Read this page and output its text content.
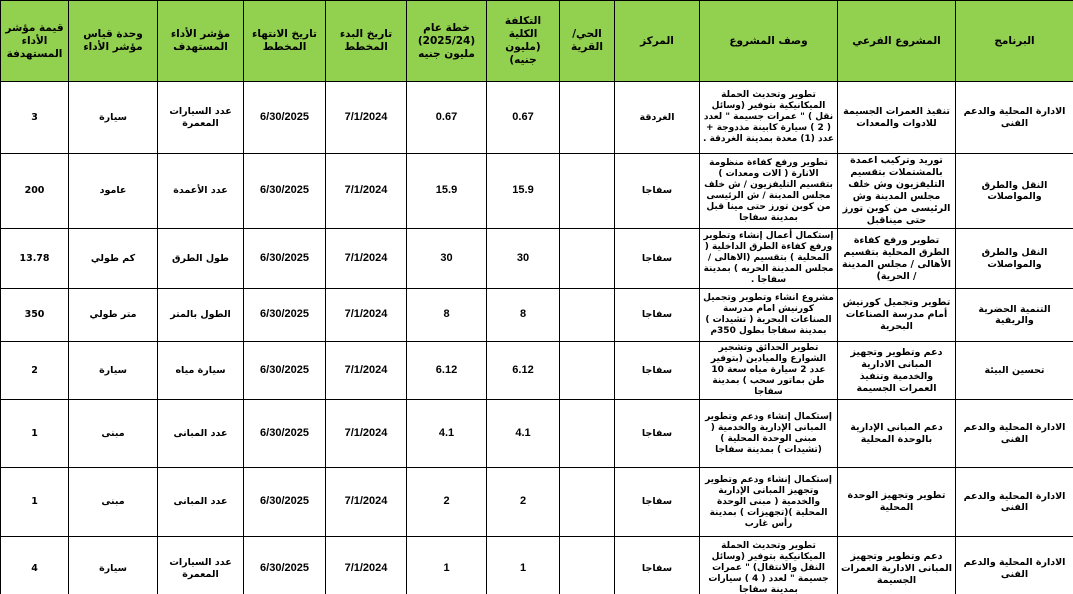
البرنامج	المشروع الفرعي	وصف المشروع	المركز	الحي/ القرية	التكلفة الكلية (مليون جنيه)	خطة عام (2025/24) مليون جنيه	تاريخ البدء المخطط	تاريخ الانتهاء المخطط	مؤشر الأداء المستهدف	وحدة قياس مؤشر الأداء	قيمة مؤشر الأداء المستهدفة
الادارة المحلية والدعم الفنى	تنفيذ العمرات الجسيمة للادوات والمعدات	تطوير وتحديث الحملة الميكانيكية بتوفير (وسائل نقل ) " عمرات جسيمة " لعدد ( 2 ) سيارة كابينة مذدوجة + عدد (1) معدة بمدينة الغردقة .	الغردقة		0.67	0.67	7/1/2024	6/30/2025	عدد السيارات المعمرة	سيارة	3
النقل والطرق والمواصلات	توريد وتركيب اعمدة بالمشتملات بتقسيم التليفزيون وش خلف مجلس المدينة وش الرئيسى من كوبن تورز حتى ميناقبل	تطوير ورفع كفاءة منظومة الانارة ( الات ومعدات ) بتقسيم التليفزيون / ش خلف مجلس المدينة / ش الرئيسى من كوبن تورز حتى مينا قبل بمدينة سفاجا	سفاجا		15.9	15.9	7/1/2024	6/30/2025	عدد الأعمدة	عامود	200
النقل والطرق والمواصلات	تطوير ورفع كفاءة الطرق المحلية بتقسيم الأهالى / مجلس المدينة / الحرية)	إستكمال أعمال إنشاء وتطوير ورفع كفاءة الطرق الداخلية ( المحلية ) بتقسيم (الاهالى / مجلس المدينة الحريه ) بمدينة سفاجا .	سفاجا		30	30	7/1/2024	6/30/2025	طول الطرق	كم طولي	13.78
التنمية الحضرية والريفية	تطوير وتجميل كورنيش أمام مدرسة الصناعات البحرية	مشروع انشاء وتطوير وتجميل كورنيش امام مدرسة الصناعات البحرية ( تشيدات ) بمدينة سفاجا بطول 350م	سفاجا		8	8	7/1/2024	6/30/2025	الطول بالمتر	متر طولي	350
تحسين البيئة	دعم وتطوير وتجهيز المبانى الادارية والخدمية وتنفيذ العمرات الجسيمة	تطوير الحدائق وتشجير الشوارع والميادين (بتوفير عدد 2 سيارة مياه سعة 10 طن بماتور سحب ) بمدينة سفاجا	سفاجا		6.12	6.12	7/1/2024	6/30/2025	سيارة مياه	سيارة	2
الادارة المحلية والدعم الفنى	دعم المباني الإدارية بالوحدة المحلية	إستكمال إنشاء ودعم وتطوير المبانى الإدارية والخدمية ( مبنى الوحدة المحلية )(تشيدات ) بمدينة سفاجا	سفاجا		4.1	4.1	7/1/2024	6/30/2025	عدد المبانى	مبنى	1
الادارة المحلية والدعم الفنى	تطوير وتجهيز الوحدة المحلية	إستكمال إنشاء ودعم وتطوير وتجهيز المبانى الإدارية والخدمية ( مبنى الوحدة المحلية )(تجهيزات ) بمدينة رأس غارب	سفاجا		2	2	7/1/2024	6/30/2025	عدد المبانى	مبنى	1
الادارة المحلية والدعم الفنى	دعم وتطوير وتجهيز المبانى الادارية العمرات الجسيمة	تطوير وتحديث الحملة الميكانيكية بتوفير (وسائل النقل والانتقال) " عمرات جسيمة " لعدد ( 4 ) سيارات بمدينة سفاجا	سفاجا		1	1	7/1/2024	6/30/2025	عدد السيارات المعمرة	سيارة	4
